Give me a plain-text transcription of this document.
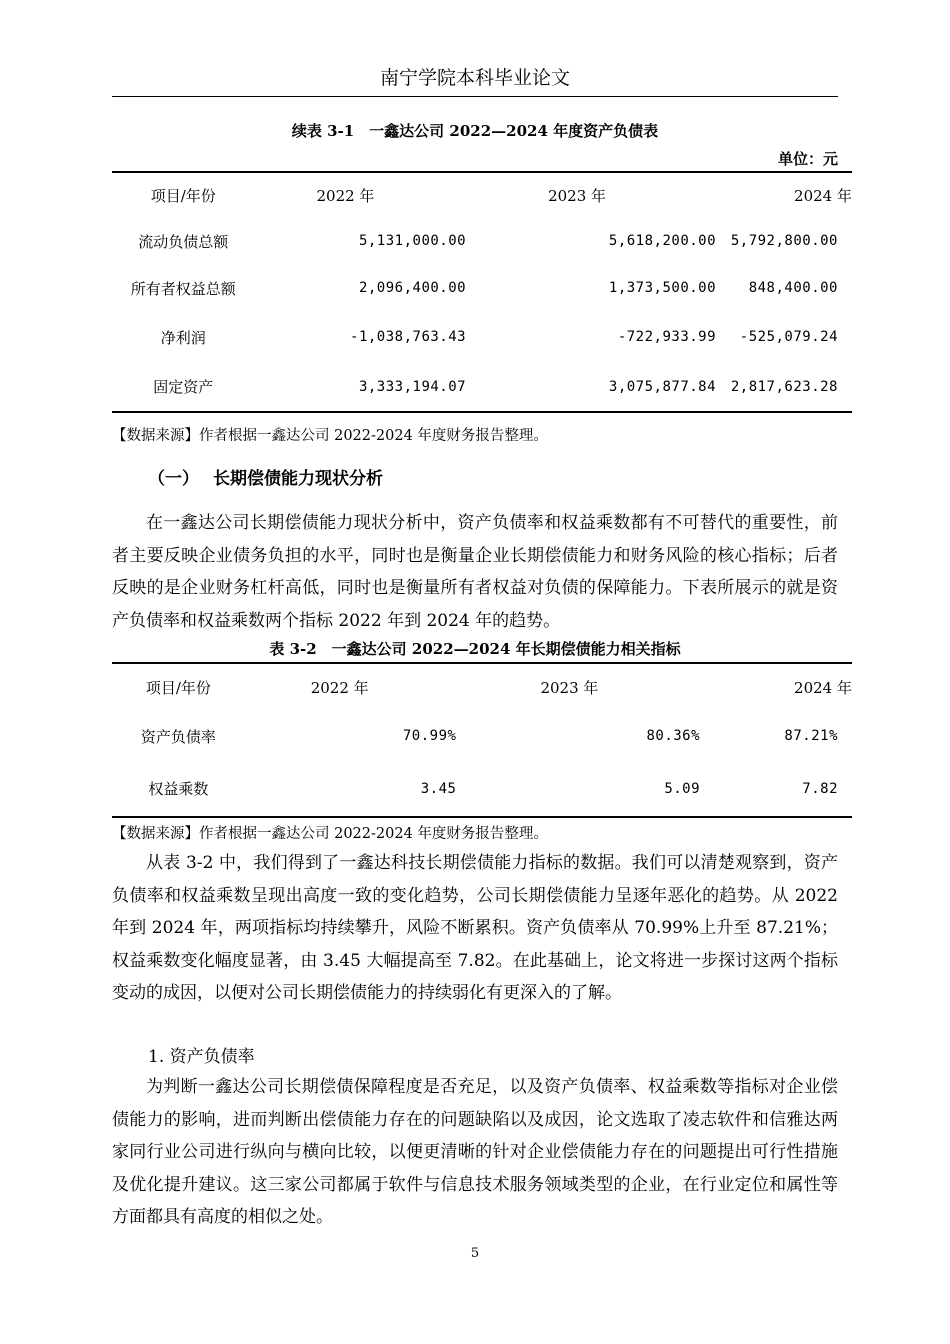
南宁学院本科毕业论文
续表 3-1　一鑫达公司 2022—2024 年度资产负债表
单位：元
项目/年份	2022 年	2023 年	2024 年
流动负债总额	5,131,000.00	5,618,200.00	5,792,800.00
所有者权益总额	2,096,400.00	1,373,500.00	848,400.00
净利润	-1,038,763.43	-722,933.99	-525,079.24
固定资产	3,333,194.07	3,075,877.84	2,817,623.28
【数据来源】作者根据一鑫达公司 2022-2024 年度财务报告整理。
（一） 长期偿债能力现状分析

在一鑫达公司长期偿债能力现状分析中，资产负债率和权益乘数都有不可替代的重要性，前者主要反映企业债务负担的水平，同时也是衡量企业长期偿债能力和财务风险的核心指标；后者反映的是企业财务杠杆高低，同时也是衡量所有者权益对负债的保障能力。下表所展示的就是资产负债率和权益乘数两个指标 2022 年到 2024 年的趋势。

表 3-2　一鑫达公司 2022—2024 年长期偿债能力相关指标
项目/年份	2022 年	2023 年	2024 年
资产负债率	70.99%	80.36%	87.21%
权益乘数	3.45	5.09	7.82
【数据来源】作者根据一鑫达公司 2022-2024 年度财务报告整理。

从表 3-2 中，我们得到了一鑫达科技长期偿债能力指标的数据。我们可以清楚观察到，资产负债率和权益乘数呈现出高度一致的变化趋势，公司长期偿债能力呈逐年恶化的趋势。从 2022 年到 2024 年，两项指标均持续攀升，风险不断累积。资产负债率从 70.99%上升至 87.21%；权益乘数变化幅度显著，由 3.45 大幅提高至 7.82。在此基础上，论文将进一步探讨这两个指标变动的成因，以便对公司长期偿债能力的持续弱化有更深入的了解。

1. 资产负债率

为判断一鑫达公司长期偿债保障程度是否充足，以及资产负债率、权益乘数等指标对企业偿债能力的影响，进而判断出偿债能力存在的问题缺陷以及成因，论文选取了凌志软件和信雅达两家同行业公司进行纵向与横向比较，以便更清晰的针对企业偿债能力存在的问题提出可行性措施及优化提升建议。这三家公司都属于软件与信息技术服务领域类型的企业，在行业定位和属性等方面都具有高度的相似之处。

5
